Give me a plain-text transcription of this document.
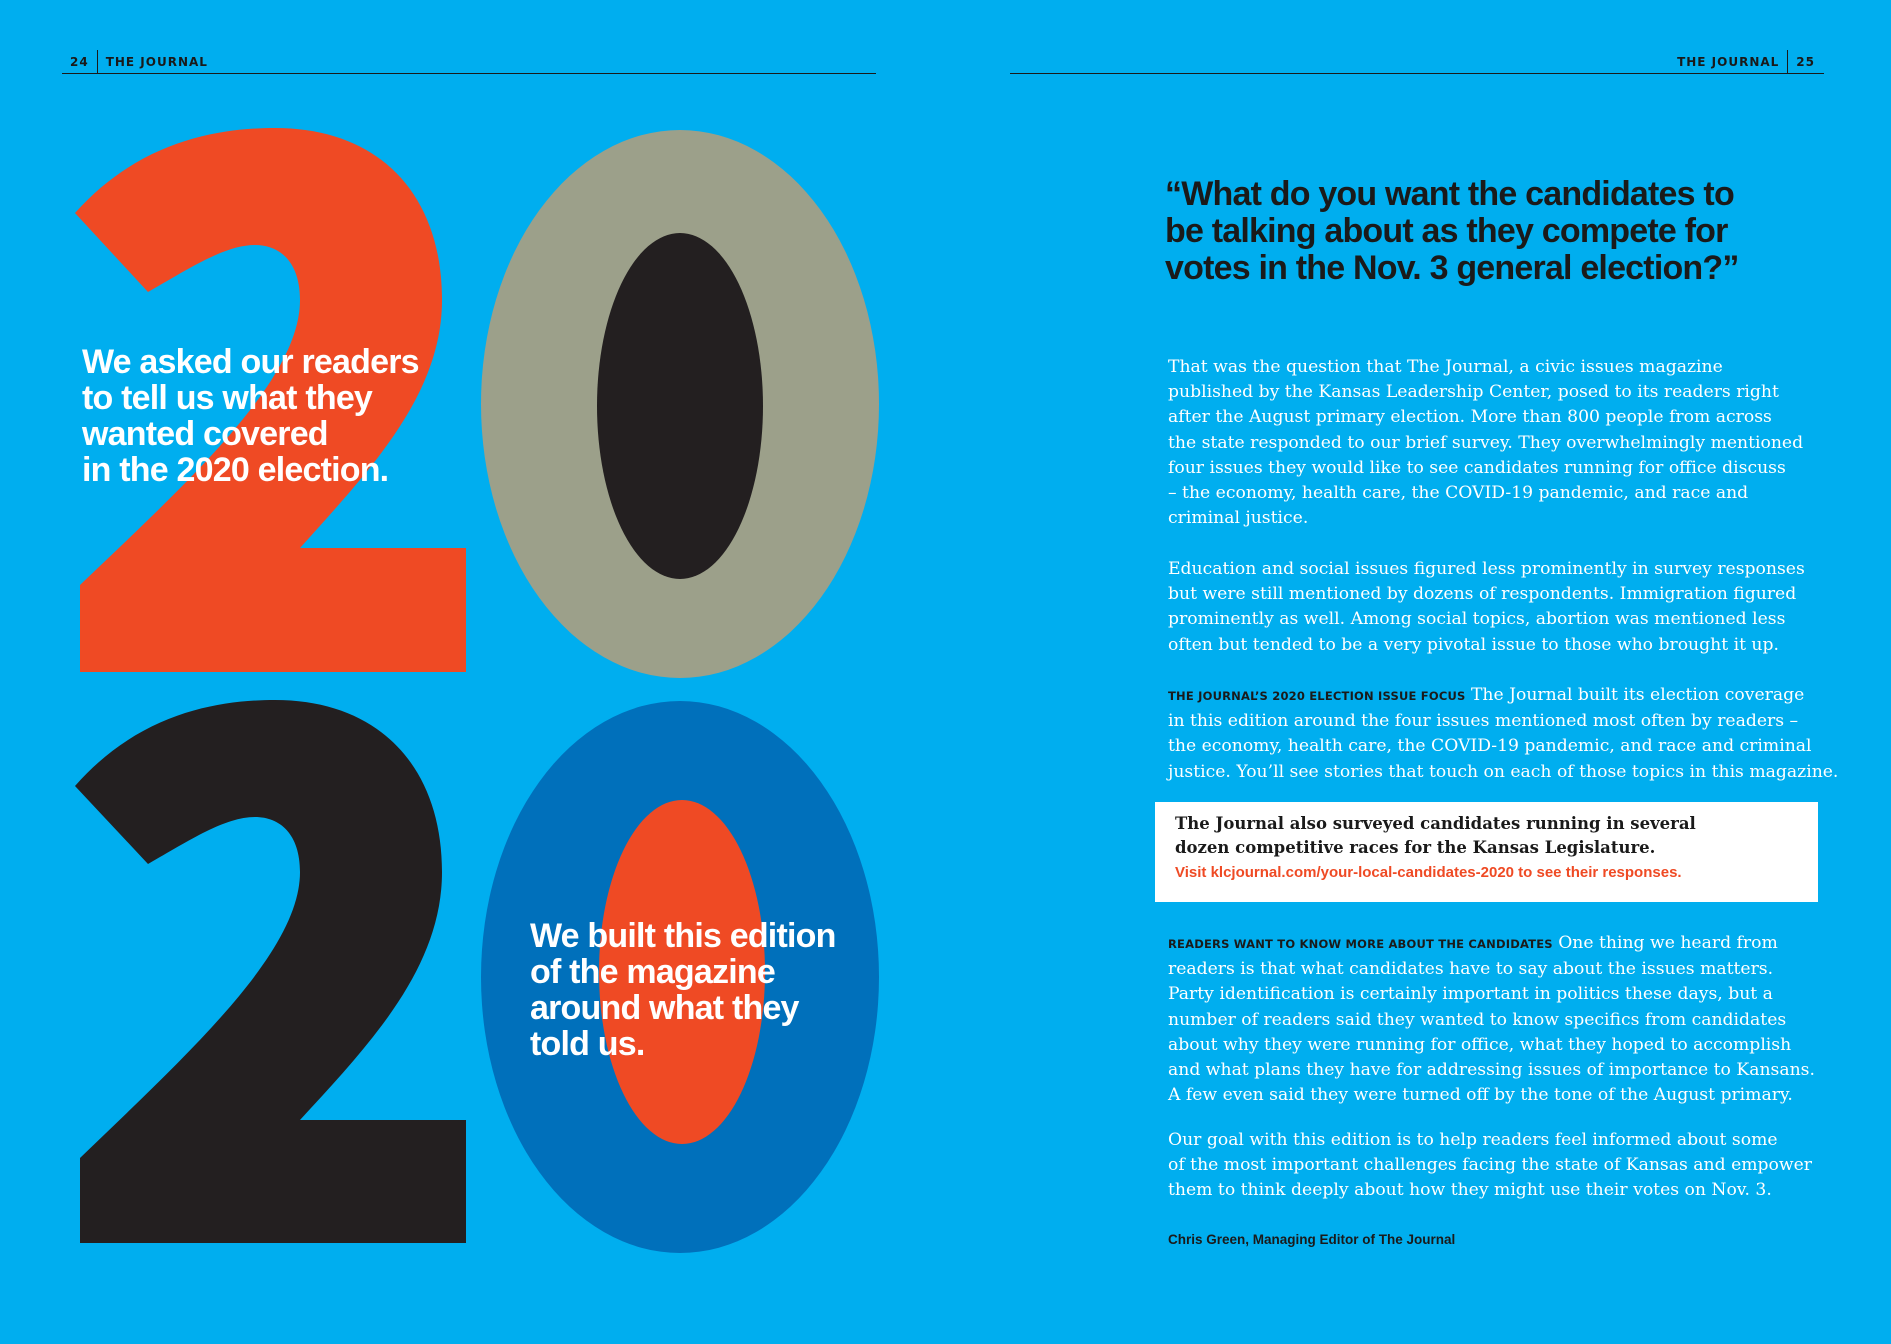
24	THE JOURNAL	THE JOURNAL	25
We asked our readers
to tell us what they
wanted covered
in the 2020 election.
We built this edition
of the magazine
around what they
told us.
“What do you want the candidates to
be talking about as they compete for
votes in the Nov. 3 general election?”
That was the question that The Journal, a civic issues magazine
published by the Kansas Leadership Center, posed to its readers right
after the August primary election. More than 800 people from across
the state responded to our brief survey. They overwhelmingly mentioned
four issues they would like to see candidates running for office discuss
– the economy, health care, the COVID-19 pandemic, and race and
criminal justice.
Education and social issues figured less prominently in survey responses
but were still mentioned by dozens of respondents. Immigration figured
prominently as well. Among social topics, abortion was mentioned less
often but tended to be a very pivotal issue to those who brought it up.
THE JOURNAL’S 2020 ELECTION ISSUE FOCUS The Journal built its election coverage
in this edition around the four issues mentioned most often by readers –
the economy, health care, the COVID-19 pandemic, and race and criminal
justice. You’ll see stories that touch on each of those topics in this magazine.
The Journal also surveyed candidates running in several
dozen competitive races for the Kansas Legislature.
Visit klcjournal.com/your-local-candidates-2020 to see their responses.
READERS WANT TO KNOW MORE ABOUT THE CANDIDATES One thing we heard from
readers is that what candidates have to say about the issues matters.
Party identification is certainly important in politics these days, but a
number of readers said they wanted to know specifics from candidates
about why they were running for office, what they hoped to accomplish
and what plans they have for addressing issues of importance to Kansans.
A few even said they were turned off by the tone of the August primary.
Our goal with this edition is to help readers feel informed about some
of the most important challenges facing the state of Kansas and empower
them to think deeply about how they might use their votes on Nov. 3.
Chris Green, Managing Editor of The Journal
